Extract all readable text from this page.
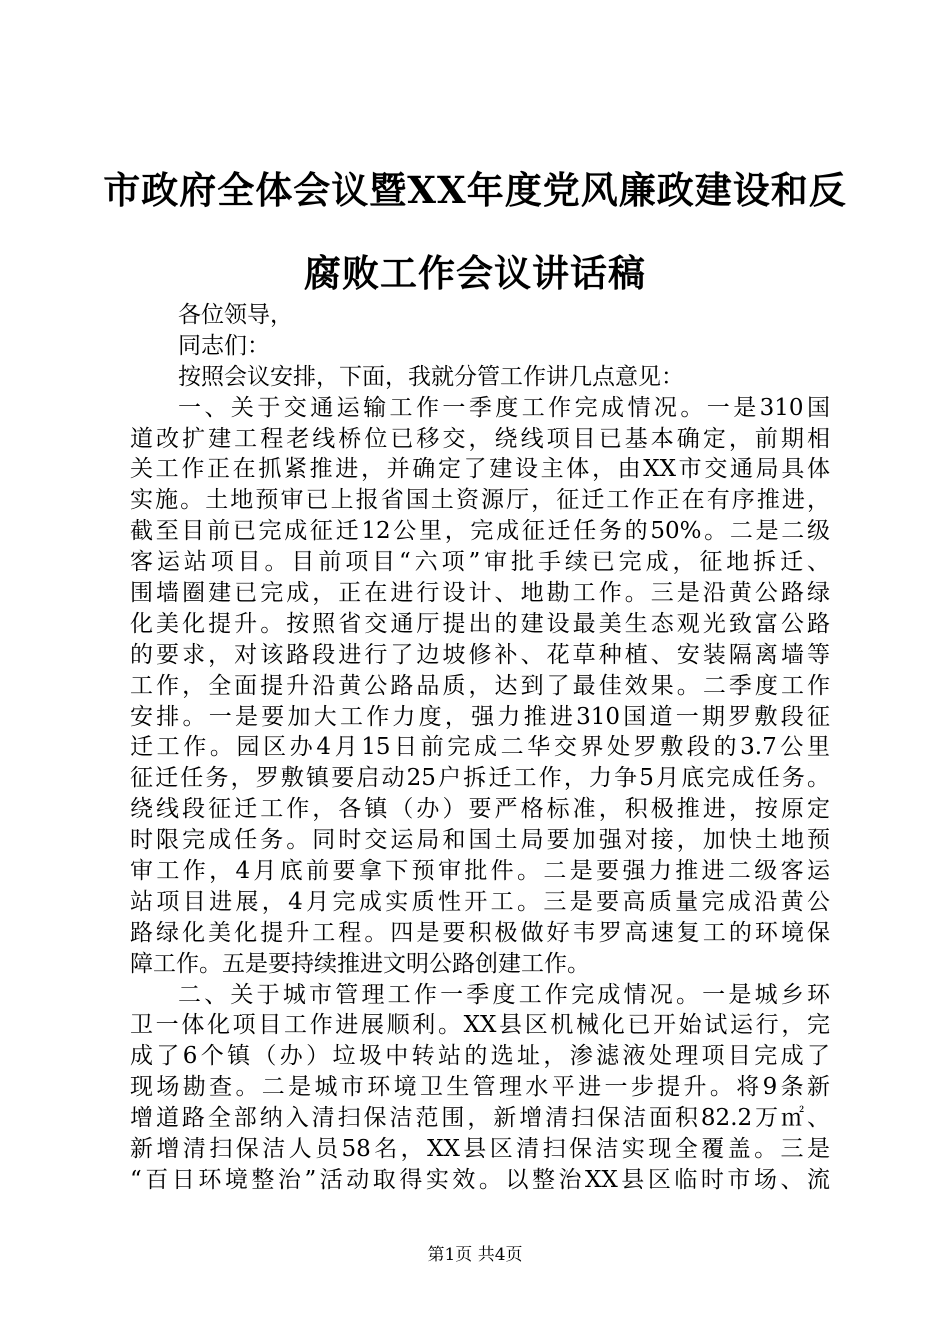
市政府全体会议暨XX年度党风廉政建设和反
腐败工作会议讲话稿
各位领导，
同志们：
按照会议安排，下面，我就分管工作讲几点意见：
一、关于交通运输工作一季度工作完成情况。一是310国
道改扩建工程老线桥位已移交，绕线项目已基本确定，前期相
关工作正在抓紧推进，并确定了建设主体，由XX市交通局具体
实施。土地预审已上报省国土资源厅，征迁工作正在有序推进，
截至目前已完成征迁12公里，完成征迁任务的50%。二是二级
客运站项目。目前项目“六项”审批手续已完成，征地拆迁、
围墙圈建已完成，正在进行设计、地勘工作。三是沿黄公路绿
化美化提升。按照省交通厅提出的建设最美生态观光致富公路
的要求，对该路段进行了边坡修补、花草种植、安装隔离墙等
工作，全面提升沿黄公路品质，达到了最佳效果。二季度工作
安排。一是要加大工作力度，强力推进310国道一期罗敷段征
迁工作。园区办4月15日前完成二华交界处罗敷段的3.7公里
征迁任务，罗敷镇要启动25户拆迁工作，力争5月底完成任务。
绕线段征迁工作，各镇（办）要严格标准，积极推进，按原定
时限完成任务。同时交运局和国土局要加强对接，加快土地预
审工作，4月底前要拿下预审批件。二是要强力推进二级客运
站项目进展，4月完成实质性开工。三是要高质量完成沿黄公
路绿化美化提升工程。四是要积极做好韦罗高速复工的环境保
障工作。五是要持续推进文明公路创建工作。
二、关于城市管理工作一季度工作完成情况。一是城乡环
卫一体化项目工作进展顺利。XX县区机械化已开始试运行，完
成了6个镇（办）垃圾中转站的选址，渗滤液处理项目完成了
现场勘查。二是城市环境卫生管理水平进一步提升。将9条新
增道路全部纳入清扫保洁范围，新增清扫保洁面积82.2万㎡、
新增清扫保洁人员58名，XX县区清扫保洁实现全覆盖。三是
“百日环境整治”活动取得实效。以整治XX县区临时市场、流
第1页 共4页
